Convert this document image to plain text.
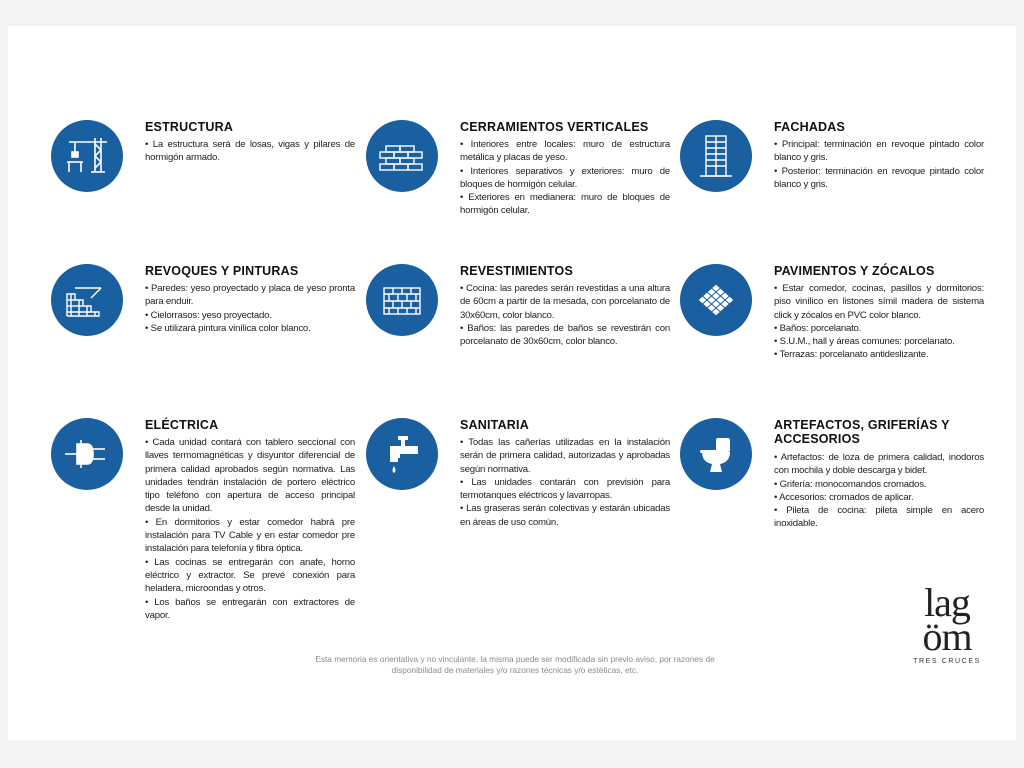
ESTRUCTURA

• La estructura será de losas, vigas y pilares de hormigón armado.

CERRAMIENTOS VERTICALES

• Interiores entre locales: muro de estructura metálica y placas de yeso.

• Interiores separativos y exteriores: muro de bloques de hormigón celular.

• Exteriores en medianera: muro de bloques de hormigón celular.

FACHADAS

• Principal: terminación en revoque pintado color blanco y gris.

• Posterior: terminación en revoque pintado color blanco y gris.

REVOQUES Y PINTURAS

• Paredes: yeso proyectado y placa de yeso pronta para enduir.

• Cielorrasos: yeso proyectado.

• Se utilizará pintura vinílica color blanco.

REVESTIMIENTOS

• Cocina: las paredes serán revestidas a una altura de 60cm a partir de la mesada, con porcelanato de 30x60cm, color blanco.

• Baños: las paredes de baños se revestirán con porcelanato de 30x60cm, color blanco.

PAVIMENTOS Y ZÓCALOS

• Estar comedor, cocinas, pasillos y dormitorios: piso vinílico en listones símil madera de sistema click y zócalos en PVC color blanco.

• Baños: porcelanato.

• S.U.M., hall y áreas comunes: porcelanato.

• Terrazas: porcelanato antideslizante.

ELÉCTRICA

• Cada unidad contará con tablero seccional con llaves termomagnéticas y disyuntor diferencial de primera calidad aprobados según normativa. Las unidades tendrán instalación de portero eléctrico tipo teléfono con apertura de acceso principal desde la unidad.

• En dormitorios y estar comedor habrá pre instalación para TV Cable y en estar comedor pre instalación para telefonía y fibra óptica.

• Las cocinas se entregarán con anafe, horno eléctrico y extractor. Se prevé conexión para heladera, microondas y otros.

• Los baños se entregarán con extractores de vapor.

SANITARIA

• Todas las cañerías utilizadas en la instalación serán de primera calidad, autorizadas y aprobadas según normativa.

• Las unidades contarán con previsión para termotanques eléctricos y lavarropas.

• Las graseras serán colectivas y estarán ubicadas en áreas de uso común.

ARTEFACTOS, GRIFERÍAS Y ACCESORIOS

• Artefactos: de loza de primera calidad, inodoros con mochila y doble descarga y bidet.

• Grifería: monocomandos cromados.

• Accesorios: cromados de aplicar.

• Pileta de cocina: pileta simple en acero inoxidable.

Esta memoria es orientativa y no vinculante, la misma puede ser modificada sin previo aviso, por razones de

disponibilidad de materiales y/o razones técnicas y/o estéticas, etc.

lag
öm
TRES CRUCES
